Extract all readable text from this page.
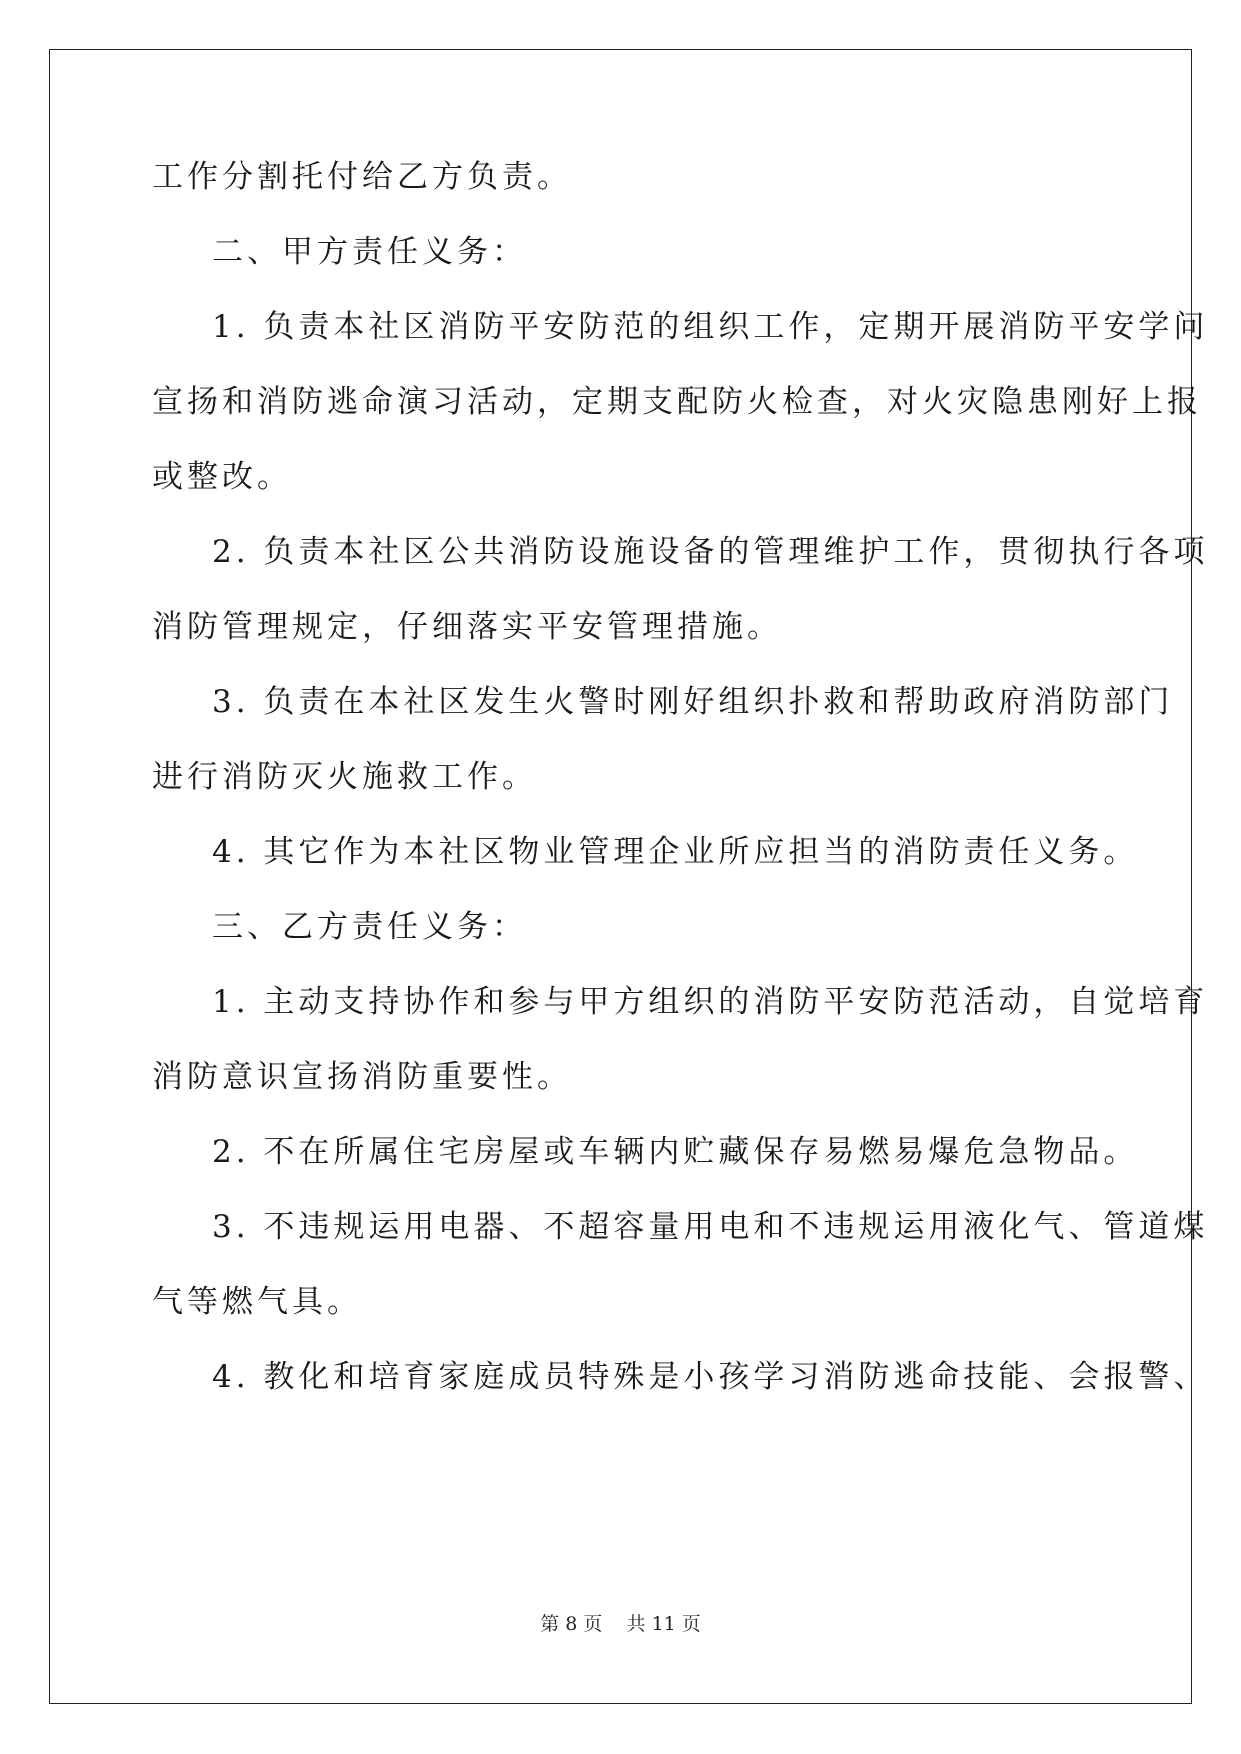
工作分割托付给乙方负责。
二、甲方责任义务：
1. 负责本社区消防平安防范的组织工作，定期开展消防平安学问
宣扬和消防逃命演习活动，定期支配防火检查，对火灾隐患刚好上报
或整改。
2. 负责本社区公共消防设施设备的管理维护工作，贯彻执行各项
消防管理规定，仔细落实平安管理措施。
3. 负责在本社区发生火警时刚好组织扑救和帮助政府消防部门
进行消防灭火施救工作。
4. 其它作为本社区物业管理企业所应担当的消防责任义务。
三、乙方责任义务：
1. 主动支持协作和参与甲方组织的消防平安防范活动，自觉培育
消防意识宣扬消防重要性。
2. 不在所属住宅房屋或车辆内贮藏保存易燃易爆危急物品。
3. 不违规运用电器、不超容量用电和不违规运用液化气、管道煤
气等燃气具。
4. 教化和培育家庭成员特殊是小孩学习消防逃命技能、会报警、
第 8 页    共 11 页
